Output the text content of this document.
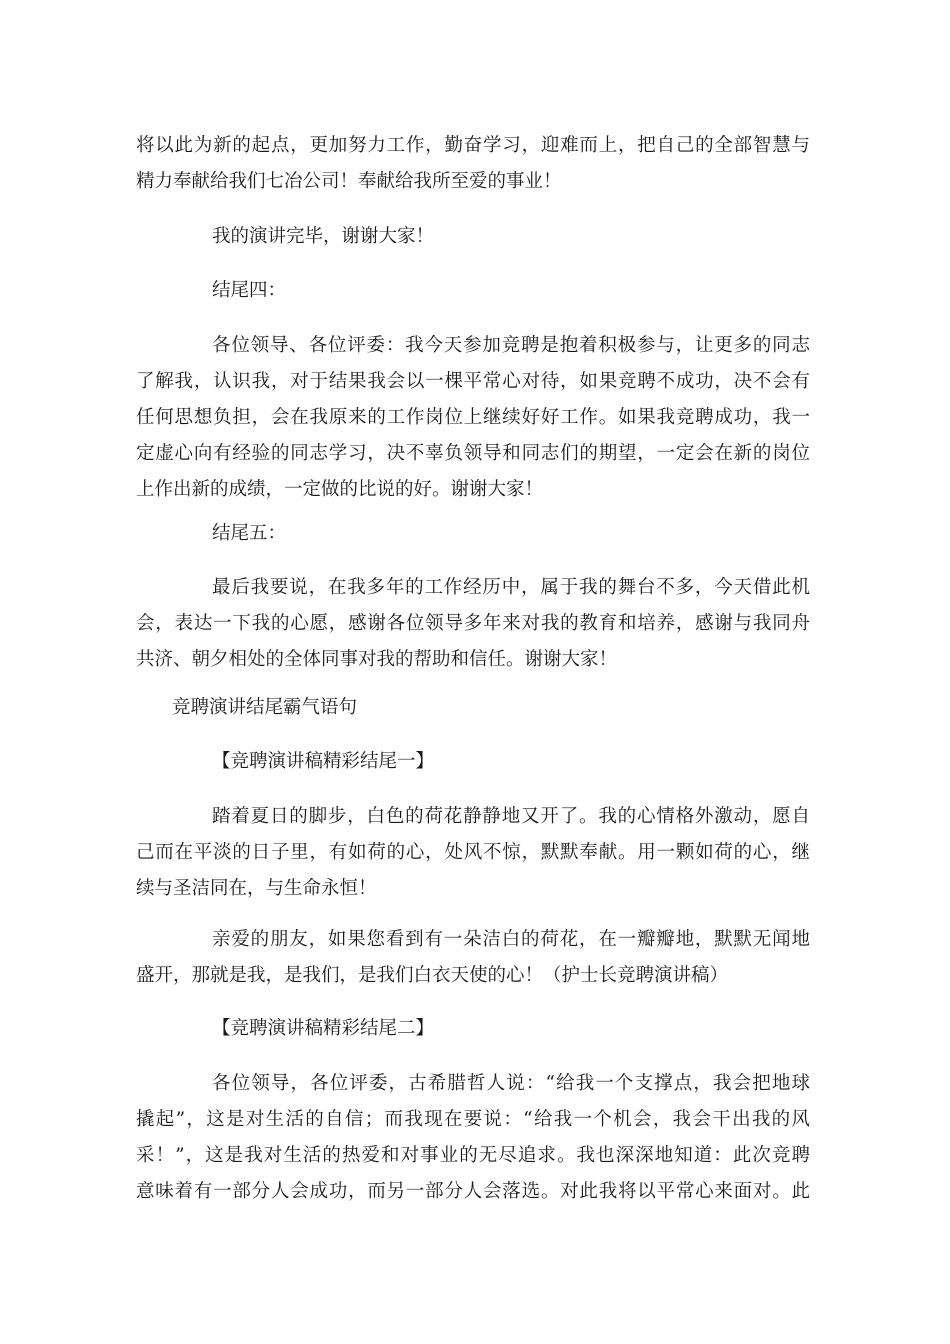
将以此为新的起点，更加努力工作，勤奋学习，迎难而上，把自己的全部智慧与
精力奉献给我们七冶公司！奉献给我所至爱的事业！
我的演讲完毕，谢谢大家！
结尾四：
各位领导、各位评委：我今天参加竞聘是抱着积极参与，让更多的同志
了解我，认识我，对于结果我会以一棵平常心对待，如果竞聘不成功，决不会有
任何思想负担，会在我原来的工作岗位上继续好好工作。如果我竞聘成功，我一
定虚心向有经验的同志学习，决不辜负领导和同志们的期望，一定会在新的岗位
上作出新的成绩，一定做的比说的好。谢谢大家！
结尾五：
最后我要说，在我多年的工作经历中，属于我的舞台不多，今天借此机
会，表达一下我的心愿，感谢各位领导多年来对我的教育和培养，感谢与我同舟
共济、朝夕相处的全体同事对我的帮助和信任。谢谢大家！
竞聘演讲结尾霸气语句
【竞聘演讲稿精彩结尾一】
踏着夏日的脚步，白色的荷花静静地又开了。我的心情格外激动，愿自
己而在平淡的日子里，有如荷的心，处风不惊，默默奉献。用一颗如荷的心，继
续与圣洁同在，与生命永恒！
亲爱的朋友，如果您看到有一朵洁白的荷花，在一瓣瓣地，默默无闻地
盛开，那就是我，是我们，是我们白衣天使的心！（护士长竞聘演讲稿）
【竞聘演讲稿精彩结尾二】
各位领导，各位评委，古希腊哲人说：“给我一个支撑点，我会把地球
撬起”，这是对生活的自信；而我现在要说：“给我一个机会，我会干出我的风
采！”，这是我对生活的热爱和对事业的无尽追求。我也深深地知道：此次竞聘
意味着有一部分人会成功，而另一部分人会落选。对此我将以平常心来面对。此
